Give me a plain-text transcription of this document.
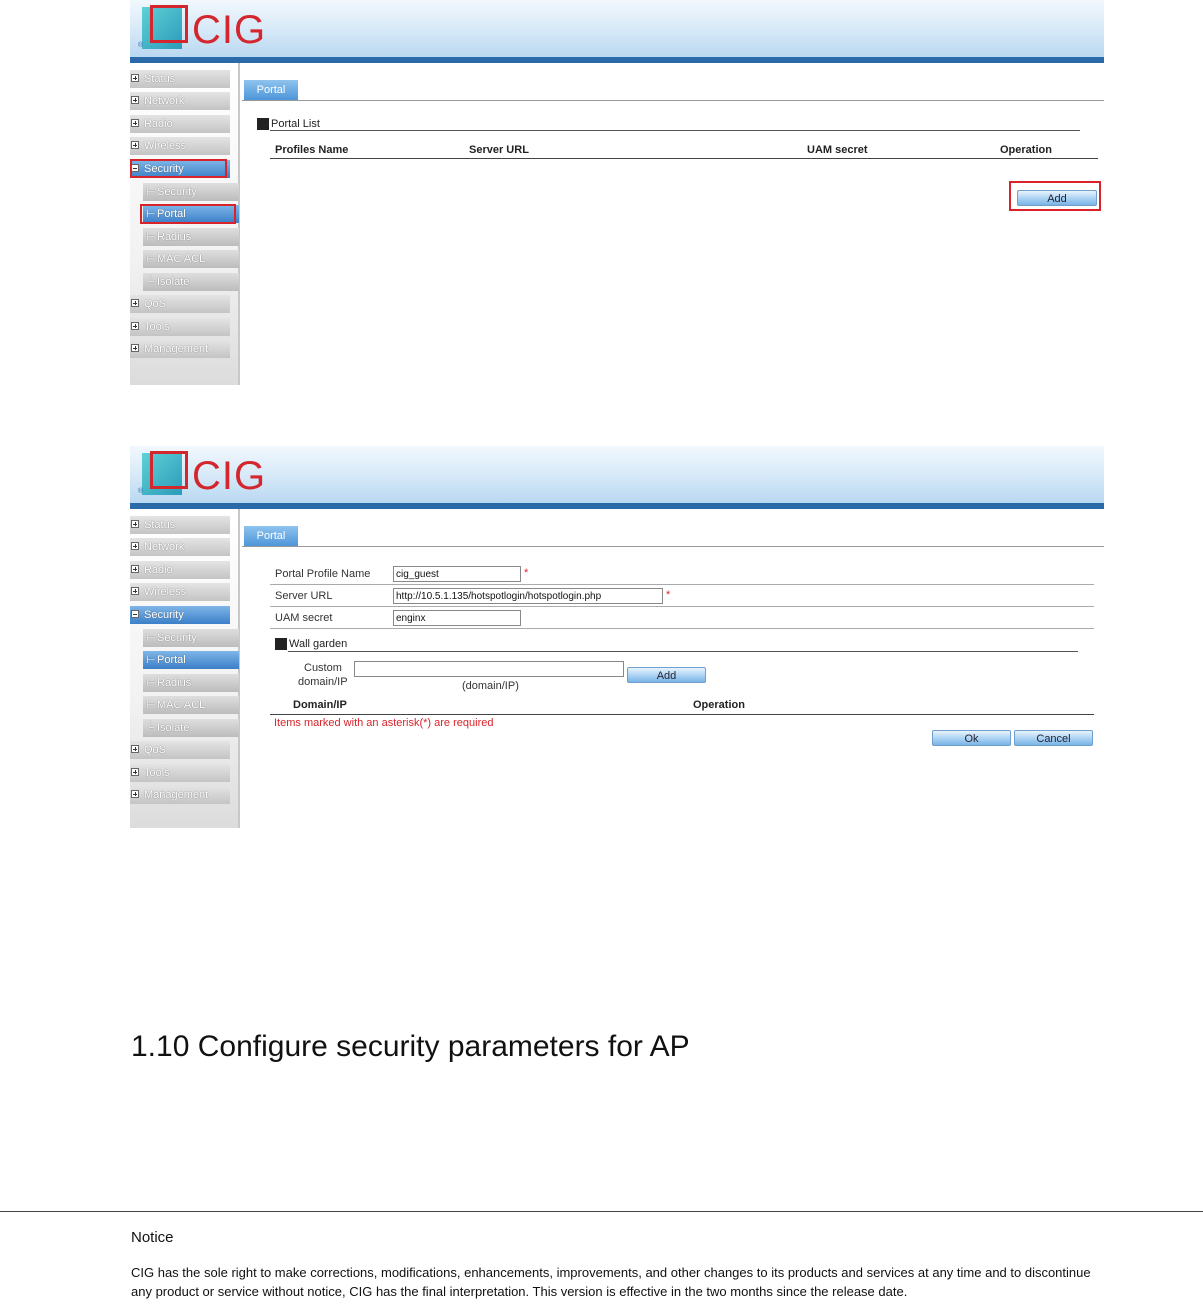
CIG
®
Status
Network
Radio
Wireless
Security
⊢ Security
⊢ Portal
⊢ Radius
⊢ MAC ACL
└ Isolate
QoS
Tools
Management
Portal
Portal List
Profiles Name	Server URL	UAM secret	Operation
Add
CIG
®
Status
Network
Radio
Wireless
Security
⊢ Security
⊢ Portal
⊢ Radius
⊢ MAC ACL
└ Isolate
QoS
Tools
Management
Portal
Portal Profile Name
cig_guest	*
Server URL
http://10.5.1.135/hotspotlogin/hotspotlogin.php	*
UAM secret
enginx
Wall garden
Custom
domain/IP	(domain/IP)
Add
Domain/IP	Operation
Items marked with an asterisk(*) are required
Ok	Cancel
1.10 Configure security parameters for AP
Notice
CIG has the sole right to make corrections, modifications, enhancements, improvements, and other changes to its products and services at any time and to discontinue any product or service without notice, CIG has the final interpretation. This version is effective in the two months since the release date.
